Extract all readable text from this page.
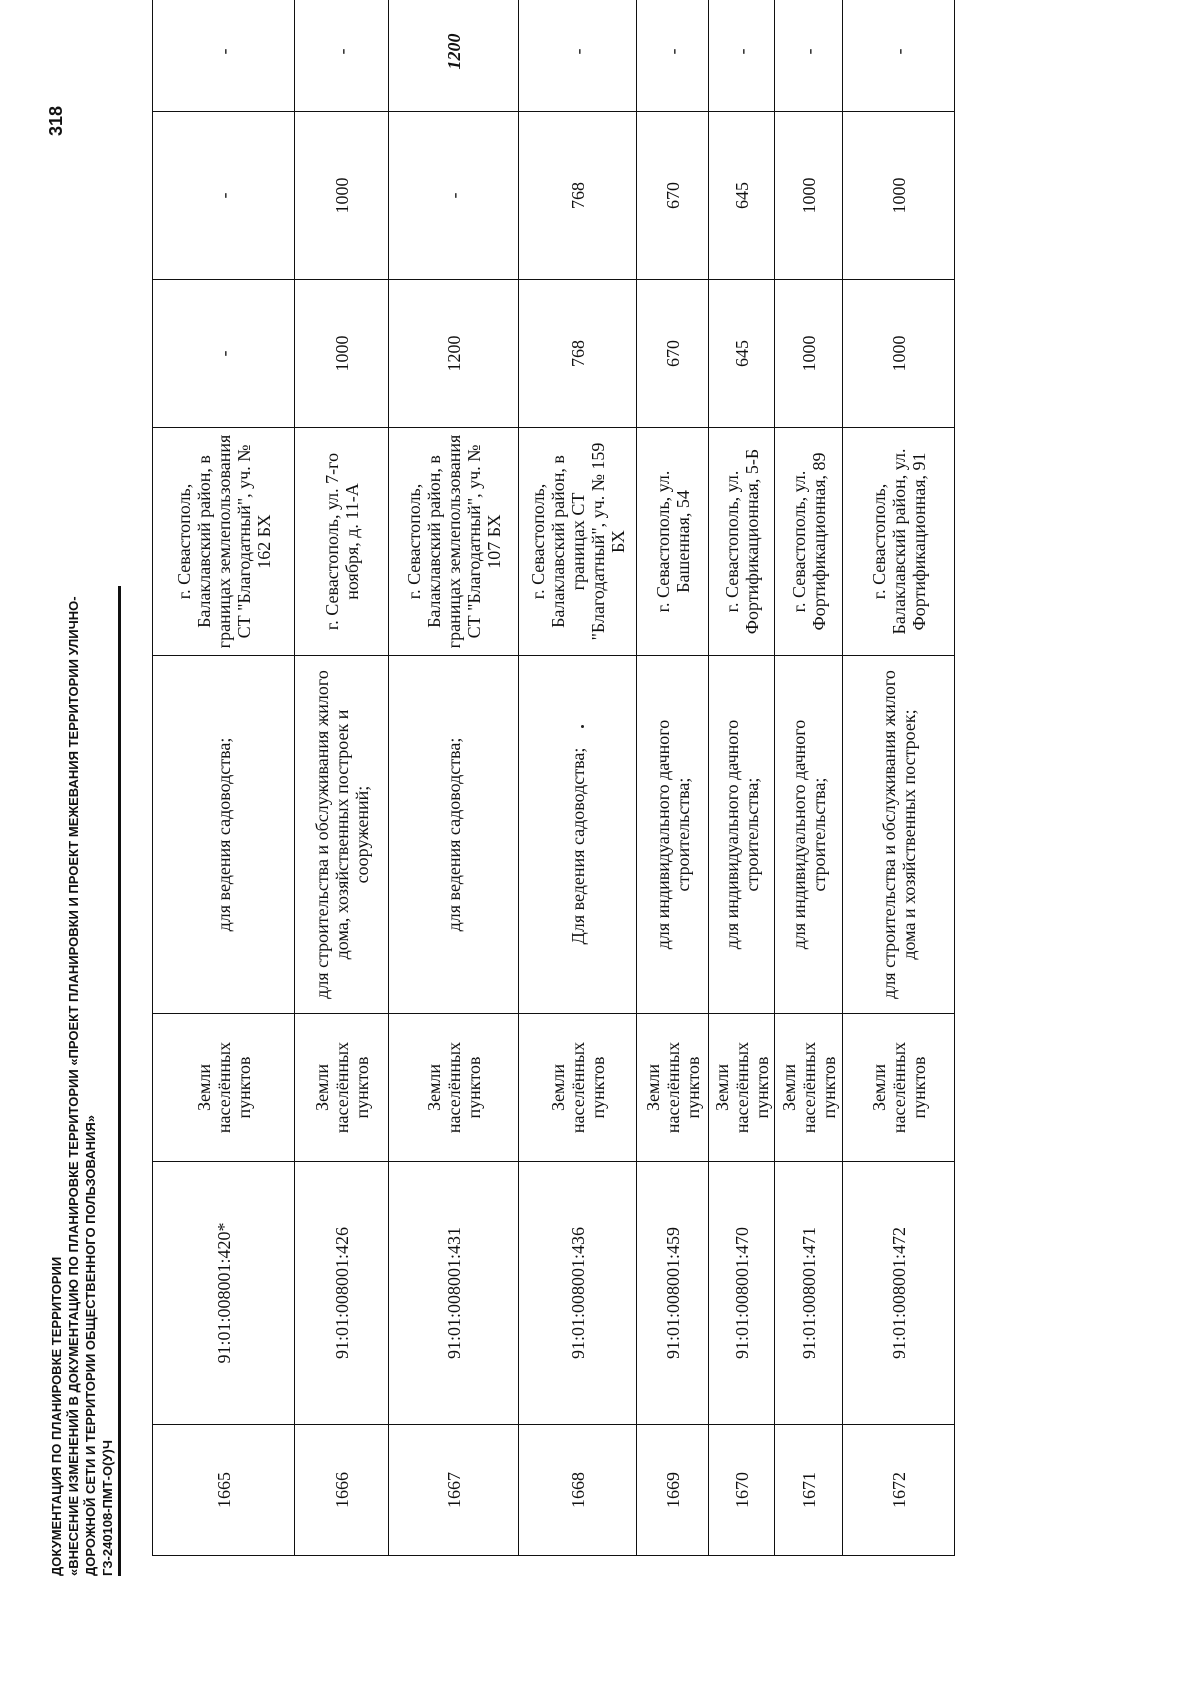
ДОКУМЕНТАЦИЯ ПО ПЛАНИРОВКЕ ТЕРРИТОРИИ «ВНЕСЕНИЕ ИЗМЕНЕНИЙ В ДОКУМЕНТАЦИЮ ПО ПЛАНИРОВКЕ ТЕРРИТОРИИ «ПРОЕКТ ПЛАНИРОВКИ И ПРОЕКТ МЕЖЕВАНИЯ ТЕРРИТОРИИ УЛИЧНО- ДОРОЖНОЙ СЕТИ И ТЕРРИТОРИИ ОБЩЕСТВЕННОГО ПОЛЬЗОВАНИЯ» ГЗ-240108-ПМТ-О(У)Ч
318
1665	91:01:008001:420*	Земли населённых пунктов	для ведения садоводства;	г. Севастополь, Балаклавский район, в границах землепользования СТ "Благодатный", уч. № 162 БХ	-	-	-
1666	91:01:008001:426	Земли населённых пунктов	для строительства и обслуживания жилого дома, хозяйственных построек и сооружений;	г. Севастополь, ул. 7-го ноября, д. 11-А	1000	1000	-
1667	91:01:008001:431	Земли населённых пунктов	для ведения садоводства;	г. Севастополь, Балаклавский район, в границах землепользования СТ "Благодатный", уч. № 107 БХ	1200	-	1200
1668	91:01:008001:436	Земли населённых пунктов	Для ведения садоводства;	г. Севастополь, Балаклавский район, в границах СТ "Благодатный", уч. № 159 БХ	768	768	-
1669	91:01:008001:459	Земли населённых пунктов	для индивидуального дачного строительства;	г. Севастополь, ул. Башенная, 54	670	670	-
1670	91:01:008001:470	Земли населённых пунктов	для индивидуального дачного строительства;	г. Севастополь, ул. Фортификационная, 5-Б	645	645	-
1671	91:01:008001:471	Земли населённых пунктов	для индивидуального дачного строительства;	г. Севастополь, ул. Фортификационная, 89	1000	1000	-
1672	91:01:008001:472	Земли населённых пунктов	для строительства и обслуживания жилого дома и хозяйственных построек;	г. Севастополь, Балаклавский район, ул. Фортификационная, 91	1000	1000	-
